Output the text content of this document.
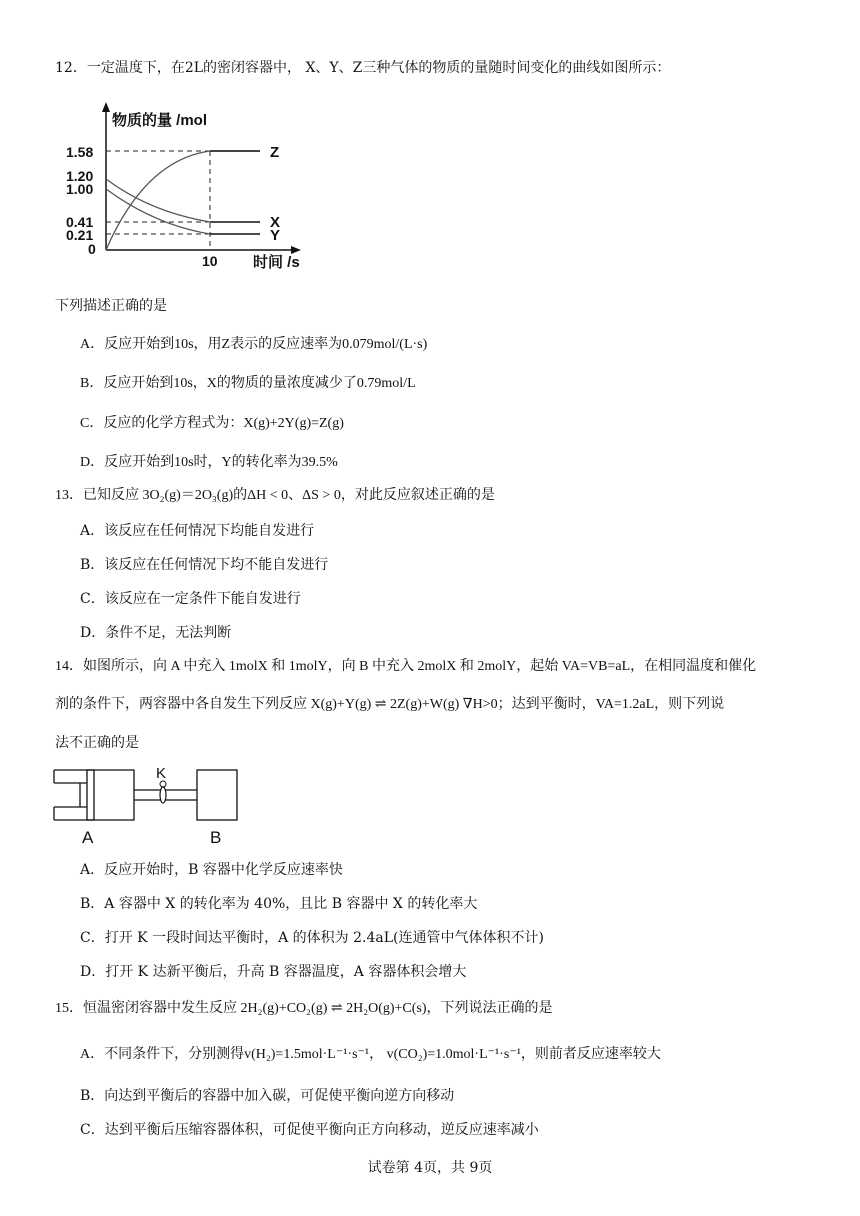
12．一定温度下，在2L的密闭容器中， X、Y、Z三种气体的物质的量随时间变化的曲线如图所示：
物质的量 /mol
时间 /s
1.58
1.20
1.00
0.41
0.21
0
10
Z
X
Y
下列描述正确的是
A．反应开始到10s，用Z表示的反应速率为0.079mol/(L·s)
B．反应开始到10s，X的物质的量浓度减少了0.79mol/L
C．反应的化学方程式为：X(g)+2Y(g)=Z(g)
D．反应开始到10s时，Y的转化率为39.5%
13．已知反应 3O₂(g)＝2O₃(g)的ΔH < 0、ΔS > 0，对此反应叙述正确的是
A．该反应在任何情况下均能自发进行
B．该反应在任何情况下均不能自发进行
C．该反应在一定条件下能自发进行
D．条件不足，无法判断
14．如图所示，向 A 中充入 1molX 和 1molY，向 B 中充入 2molX 和 2molY，起始 VA=VB=aL，在相同温度和催化
剂的条件下，两容器中各自发生下列反应 X(g)+Y(g) ⇌ 2Z(g)+W(g) ∇H>0；达到平衡时，VA=1.2aL，则下列说
法不正确的是
K
A	B
A．反应开始时，B 容器中化学反应速率快
B．A 容器中 X 的转化率为 40%，且比 B 容器中 X 的转化率大
C．打开 K 一段时间达平衡时，A 的体积为 2.4aL(连通管中气体体积不计)
D．打开 K 达新平衡后，升高 B 容器温度，A 容器体积会增大
15．恒温密闭容器中发生反应 2H₂(g)+CO₂(g) ⇌ 2H₂O(g)+C(s)，下列说法正确的是
A．不同条件下，分别测得v(H₂)=1.5mol·L⁻¹·s⁻¹， v(CO₂)=1.0mol·L⁻¹·s⁻¹，则前者反应速率较大
B．向达到平衡后的容器中加入碳，可促使平衡向逆方向移动
C．达到平衡后压缩容器体积，可促使平衡向正方向移动，逆反应速率减小
试卷第 4页，共 9页
